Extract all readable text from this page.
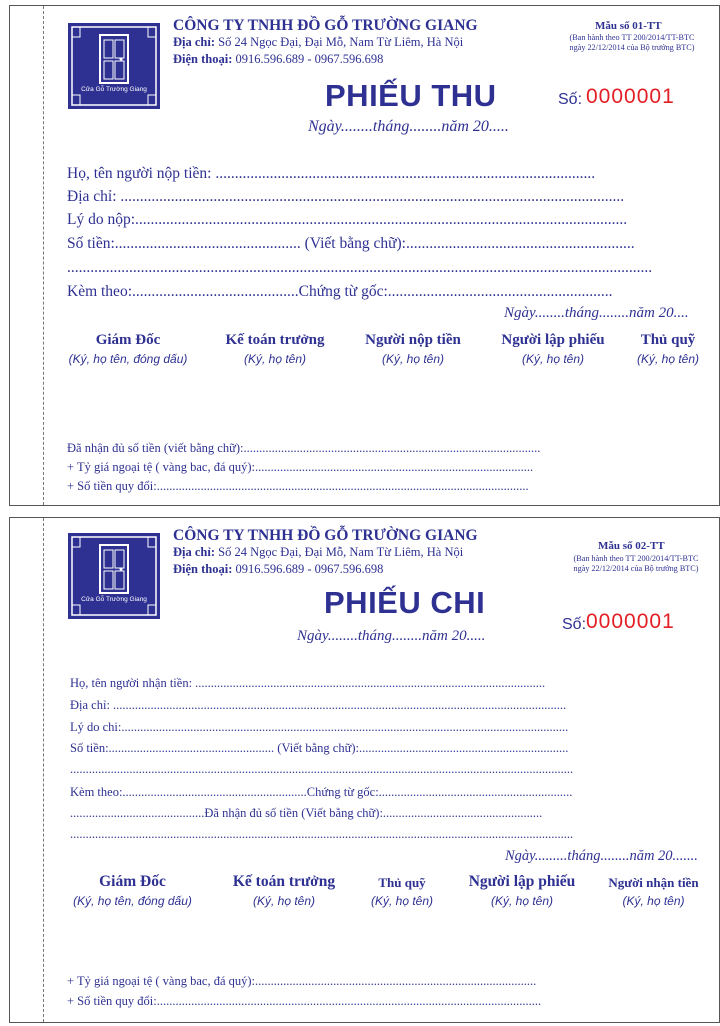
Cửa Gỗ Trường Giang
CÔNG TY TNHH ĐỒ GỖ TRƯỜNG GIANG
Địa chỉ: Số 24 Ngọc Đại, Đại Mỗ, Nam Từ Liêm, Hà Nội
Điện thoại: 0916.596.689 - 0967.596.698
Mẫu số 01-TT
(Ban hành theo TT 200/2014/TT-BTC
ngày 22/12/2014 của Bộ trưởng BTC)
PHIẾU THU	Số: 0000001
Ngày........tháng........năm 20.....
Họ, tên người nộp tiền: ..................................................................................................
Địa chỉ: ..................................................................................................................................
Lý do nộp:...............................................................................................................................
Số tiền:................................................ (Viết bằng chữ):...........................................................
.......................................................................................................................................................
Kèm theo:...........................................Chứng từ gốc:..........................................................
Ngày........tháng........năm 20....
Giám Đốc
(Ký, họ tên, đóng dấu)
Kế toán trưởng
(Ký, họ tên)
Người nộp tiền
(Ký, họ tên)
Người lập phiếu
(Ký, họ tên)
Thủ quỹ
(Ký, họ tên)
Đã nhận đủ số tiền (viết bằng chữ):...............................................................................................
+ Tỷ giá ngoại tệ ( vàng bac, đá quý):.........................................................................................
+ Số tiền quy đổi:.......................................................................................................................
Cửa Gỗ Trường Giang
CÔNG TY TNHH ĐỒ GỖ TRƯỜNG GIANG
Địa chỉ: Số 24 Ngọc Đại, Đại Mỗ, Nam Từ Liêm, Hà Nội
Điện thoại: 0916.596.689 - 0967.596.698
Mẫu số 02-TT
(Ban hành theo TT 200/2014/TT-BTC
ngày 22/12/2014 của Bộ trưởng BTC)
PHIẾU CHI
Số: 0000001
Ngày........tháng........năm 20.....
Họ, tên người nhận tiền: ................................................................................................................
Địa chỉ: .................................................................................................................................................
Lý do chi:...............................................................................................................................................
Số tiền:..................................................... (Viết bằng chữ):...................................................................
.................................................................................................................................................................
Kèm theo:...........................................................Chứng từ gốc:..............................................................
...........................................Đã nhận đủ số tiền (Viết bằng chữ):...................................................
.................................................................................................................................................................
Ngày.........tháng........năm 20.......
Giám Đốc
(Ký, họ tên, đóng dấu)
Kế toán trưởng
(Ký, họ tên)
Thủ quỹ
(Ký, họ tên)
Người lập phiếu
(Ký, họ tên)
Người nhận tiền
(Ký, họ tên)
+ Tỷ giá ngoại tệ ( vàng bac, đá quý):..........................................................................................
+ Số tiền quy đổi:...........................................................................................................................
